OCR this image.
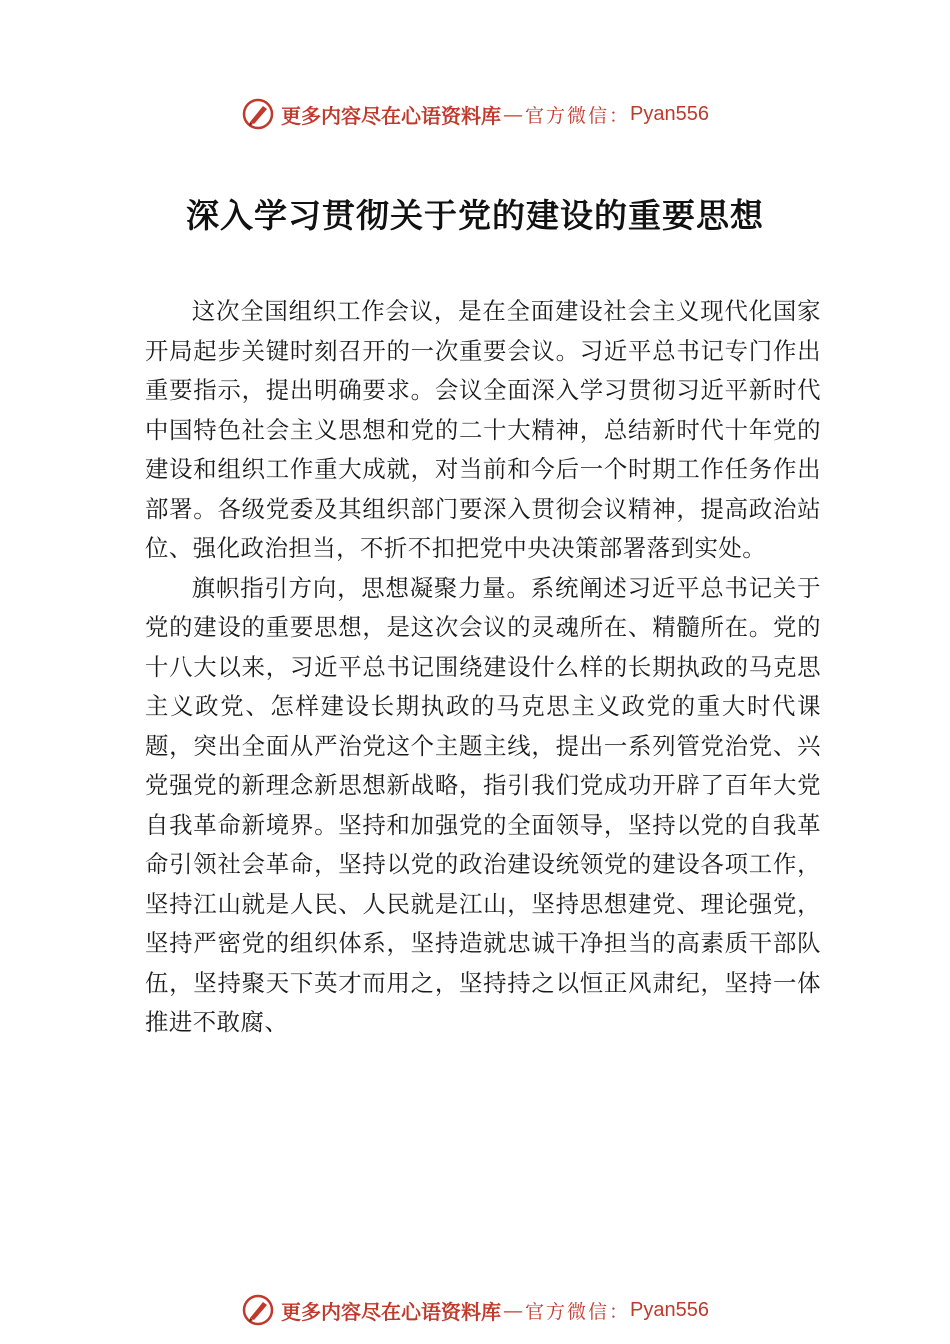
更多内容尽在心语资料库 — 官方微信： Pyan556
深入学习贯彻关于党的建设的重要思想

这次全国组织工作会议，是在全面建设社会主义现代化国家开局起步关键时刻召开的一次重要会议。习近平总书记专门作出重要指示，提出明确要求。会议全面深入学习贯彻习近平新时代中国特色社会主义思想和党的二十大精神，总结新时代十年党的建设和组织工作重大成就，对当前和今后一个时期工作任务作出部署。各级党委及其组织部门要深入贯彻会议精神，提高政治站位、强化政治担当，不折不扣把党中央决策部署落到实处。

旗帜指引方向，思想凝聚力量。系统阐述习近平总书记关于党的建设的重要思想，是这次会议的灵魂所在、精髓所在。党的十八大以来，习近平总书记围绕建设什么样的长期执政的马克思主义政党、怎样建设长期执政的马克思主义政党的重大时代课题，突出全面从严治党这个主题主线，提出一系列管党治党、兴党强党的新理念新思想新战略，指引我们党成功开辟了百年大党自我革命新境界。坚持和加强党的全面领导，坚持以党的自我革命引领社会革命，坚持以党的政治建设统领党的建设各项工作，坚持江山就是人民、人民就是江山，坚持思想建党、理论强党，坚持严密党的组织体系，坚持造就忠诚干净担当的高素质干部队伍，坚持聚天下英才而用之，坚持持之以恒正风肃纪，坚持一体推进不敢腐、

更多内容尽在心语资料库 — 官方微信： Pyan556
